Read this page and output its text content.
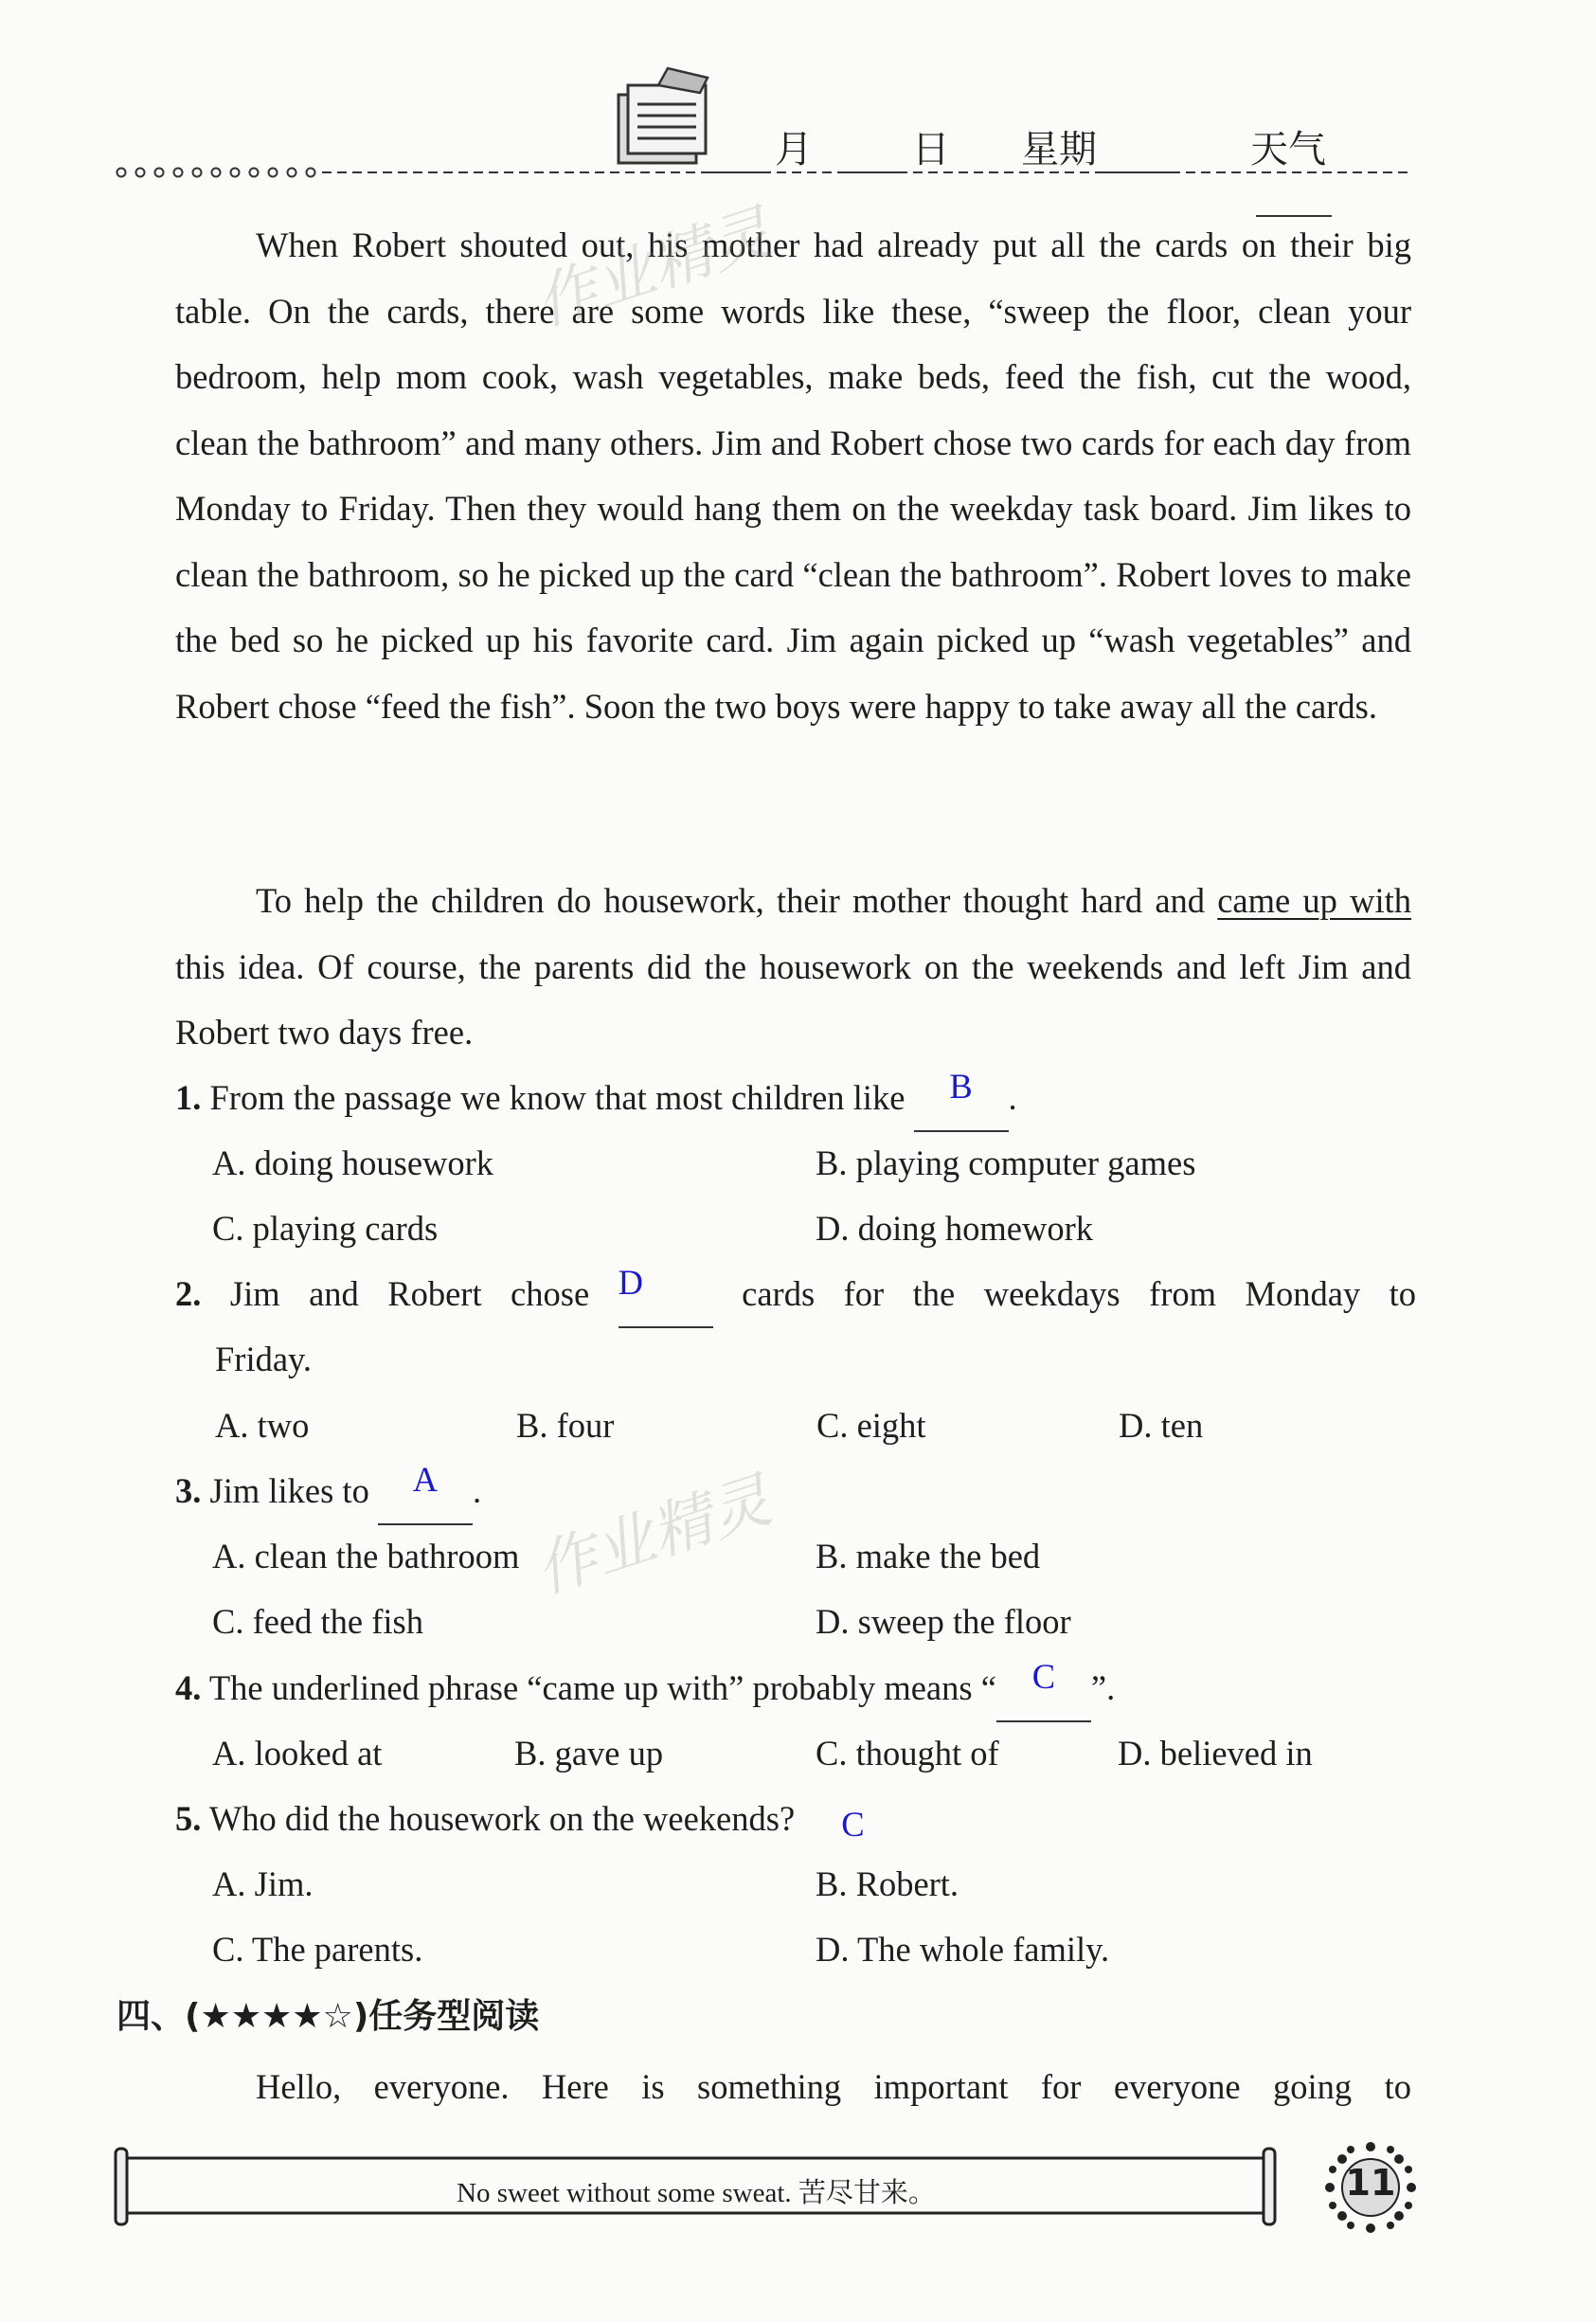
月	日 星期	天气
When Robert shouted out, his mother had already put all the cards on their big table. On the cards, there are some words like these, “sweep the floor, clean your bedroom, help mom cook, wash vegetables, make beds, feed the fish, cut the wood, clean the bathroom” and many others. Jim and Robert chose two cards for each day from Monday to Friday. Then they would hang them on the weekday task board. Jim likes to clean the bathroom, so he picked up the card “clean the bathroom”. Robert loves to make the bed so he picked up his favorite card. Jim again picked up “wash vegetables” and Robert chose “feed the fish”. Soon the two boys were happy to take away all the cards.
To help the children do housework, their mother thought hard and came up with this idea. Of course, the parents did the housework on the weekends and left Jim and Robert two days free.
1. From the passage we know that most children like B .
A. doing housework	B. playing computer games
C. playing cards	D. doing homework
2. Jim and Robert chose D	cards for the weekdays from Monday to
Friday.
A. two	B. four	C. eight	D. ten
3. Jim likes to A .
A. clean the bathroom	B. make the bed
C. feed the fish	D. sweep the floor
4. The underlined phrase “came up with” probably means “ C ”.
A. looked at	B. gave up	C. thought of	D. believed in
5. Who did the housework on the weekends? C
A. Jim.	B. Robert.
C. The parents.	D. The whole family.
四、(★★★★☆)任务型阅读
Hello, everyone. Here is something important for everyone going to
作业精灵
作业精灵
No sweet without some sweat. 苦尽甘来。	11
